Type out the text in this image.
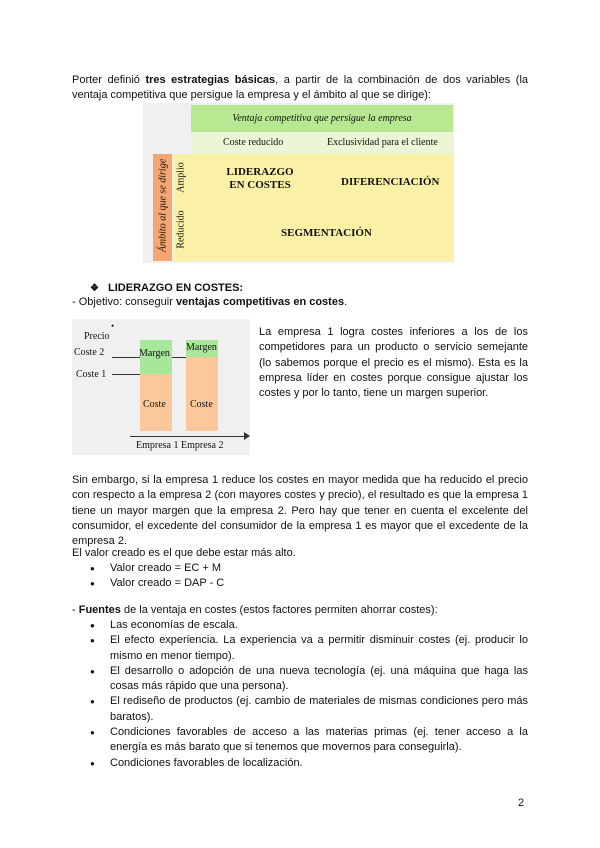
Porter definió tres estrategias básicas, a partir de la combinación de dos variables (la ventaja competitiva que persigue la empresa y el ámbito al que se dirige):
Ventaja competitiva que persigue la empresa
Coste reducido	Exclusividad para el cliente
Ámbito al que se dirige Amplio
Reducido
LIDERAZGO
EN COSTES	DIFERENCIACIÓN
SEGMENTACIÓN
❖ LIDERAZGO EN COSTES:
- Objetivo: conseguir ventajas competitivas en costes.
•
Precio
Coste 2
Coste 1
Margen
Coste
Margen
Coste
Empresa 1 Empresa 2
La empresa 1 logra costes inferiores a los de los competidores para un producto o servicio semejante (lo sabemos porque el precio es el mismo). Esta es la empresa líder en costes porque consigue ajustar los costes y por lo tanto, tiene un margen superior.
Sin embargo, si la empresa 1 reduce los costes en mayor medida que ha reducido el precio con respecto a la empresa 2 (con mayores costes y precio), el resultado es que la empresa 1 tiene un mayor margen que la empresa 2. Pero hay que tener en cuenta el excelente del consumidor, el excedente del consumidor de la empresa 1 es mayor que el excedente de la empresa 2.
El valor creado es el que debe estar más alto.
● Valor creado = EC + M
● Valor creado = DAP - C
- Fuentes de la ventaja en costes (estos factores permiten ahorrar costes):
● Las economías de escala.
● El efecto experiencia. La experiencia va a permitir disminuir costes (ej. producir lo mismo en menor tiempo).
● El desarrollo o adopción de una nueva tecnología (ej. una máquina que haga las cosas más rápido que una persona).
● El rediseño de productos (ej. cambio de materiales de mismas condiciones pero más baratos).
● Condiciones favorables de acceso a las materias primas (ej. tener acceso a la energía es más barato que si tenemos que movernos para conseguirla).
● Condiciones favorables de localización.
2
